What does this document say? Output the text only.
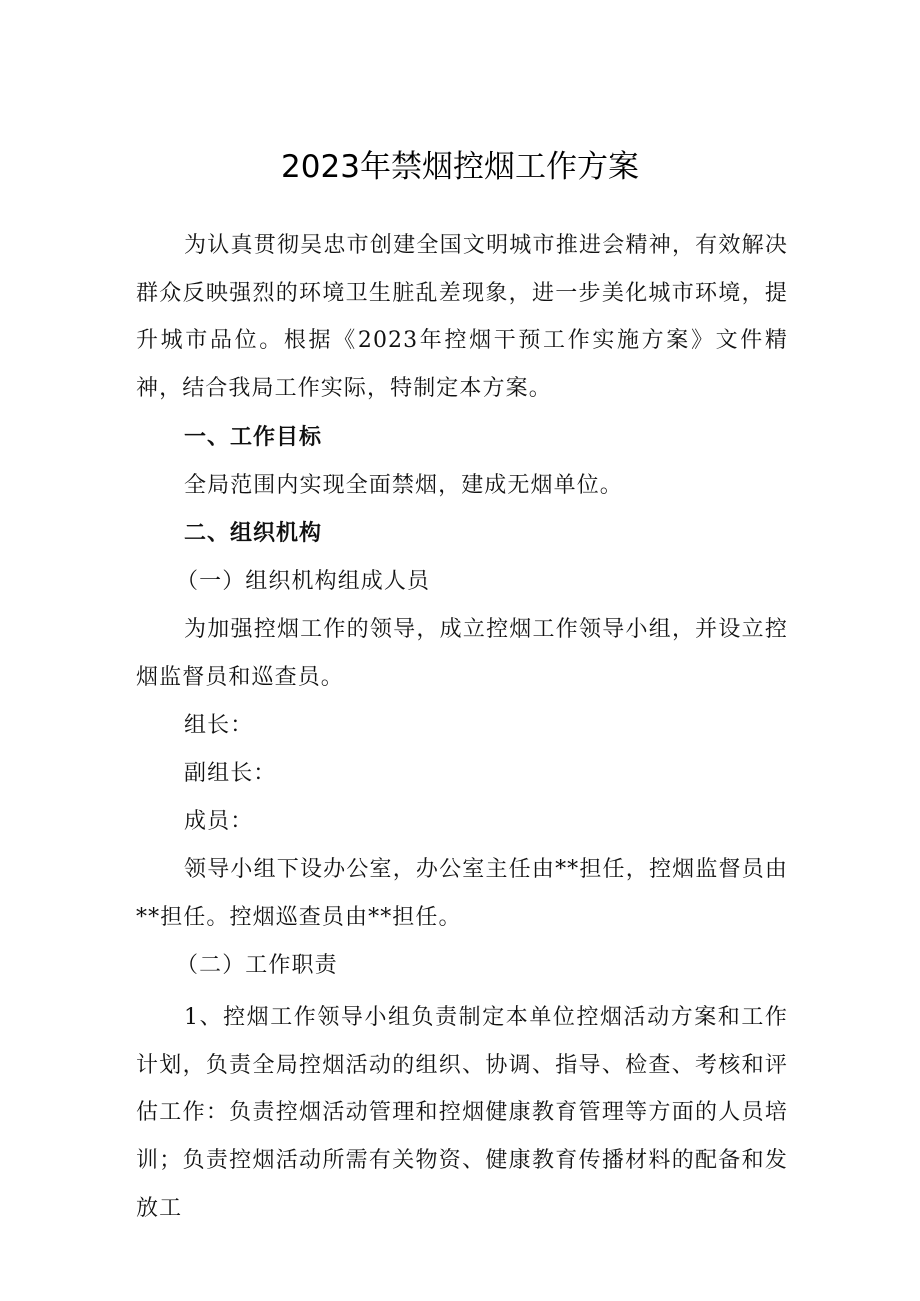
2023年禁烟控烟工作方案
为认真贯彻吴忠市创建全国文明城市推进会精神，有效解决群众反映强烈的环境卫生脏乱差现象，进一步美化城市环境，提升城市品位。根据《2023年控烟干预工作实施方案》文件精神，结合我局工作实际，特制定本方案。
一、工作目标
全局范围内实现全面禁烟，建成无烟单位。
二、组织机构
（一）组织机构组成人员
为加强控烟工作的领导，成立控烟工作领导小组，并设立控烟监督员和巡查员。
组长：
副组长：
成员：
领导小组下设办公室，办公室主任由**担任，控烟监督员由**担任。控烟巡查员由**担任。
（二）工作职责
1、控烟工作领导小组负责制定本单位控烟活动方案和工作计划，负责全局控烟活动的组织、协调、指导、检查、考核和评估工作：负责控烟活动管理和控烟健康教育管理等方面的人员培训；负责控烟活动所需有关物资、健康教育传播材料的配备和发放工
